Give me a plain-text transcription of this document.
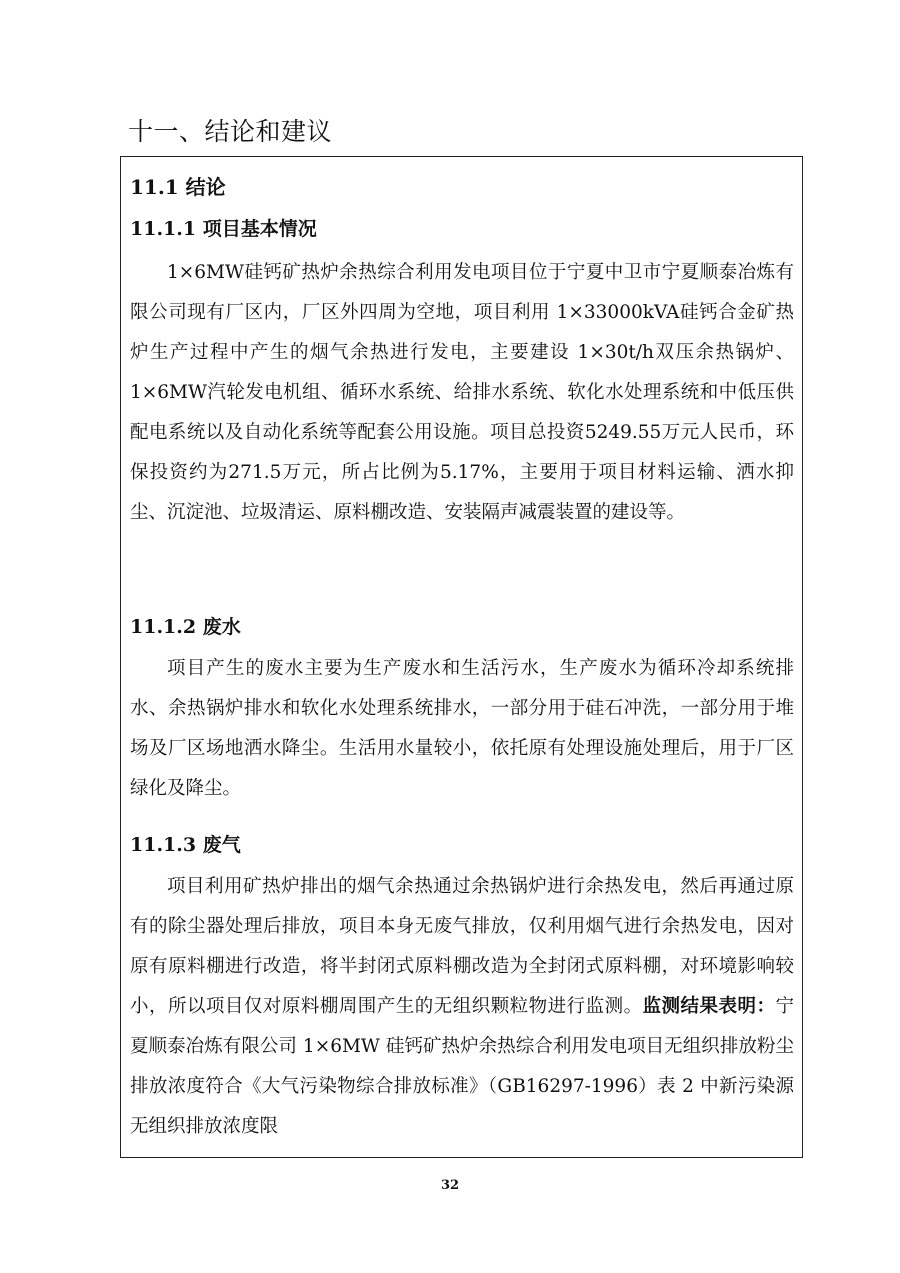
十一、结论和建议
11.1 结论
11.1.1 项目基本情况

1×6MW硅钙矿热炉余热综合利用发电项目位于宁夏中卫市宁夏顺泰冶炼有限公司现有厂区内，厂区外四周为空地，项目利用 1×33000kVA硅钙合金矿热炉生产过程中产生的烟气余热进行发电，主要建设 1×30t/h双压余热锅炉、1×6MW汽轮发电机组、循环水系统、给排水系统、软化水处理系统和中低压供配电系统以及自动化系统等配套公用设施。项目总投资5249.55万元人民币，环保投资约为271.5万元，所占比例为5.17%，主要用于项目材料运输、洒水抑尘、沉淀池、垃圾清运、原料棚改造、安装隔声减震装置的建设等。

11.1.2 废水

项目产生的废水主要为生产废水和生活污水，生产废水为循环冷却系统排水、余热锅炉排水和软化水处理系统排水，一部分用于硅石冲洗，一部分用于堆场及厂区场地洒水降尘。生活用水量较小，依托原有处理设施处理后，用于厂区绿化及降尘。

11.1.3 废气

项目利用矿热炉排出的烟气余热通过余热锅炉进行余热发电，然后再通过原有的除尘器处理后排放，项目本身无废气排放，仅利用烟气进行余热发电，因对原有原料棚进行改造，将半封闭式原料棚改造为全封闭式原料棚，对环境影响较小，所以项目仅对原料棚周围产生的无组织颗粒物进行监测。监测结果表明：宁夏顺泰冶炼有限公司 1×6MW 硅钙矿热炉余热综合利用发电项目无组织排放粉尘排放浓度符合《大气污染物综合排放标准》（GB16297-1996）表 2 中新污染源无组织排放浓度限

32
